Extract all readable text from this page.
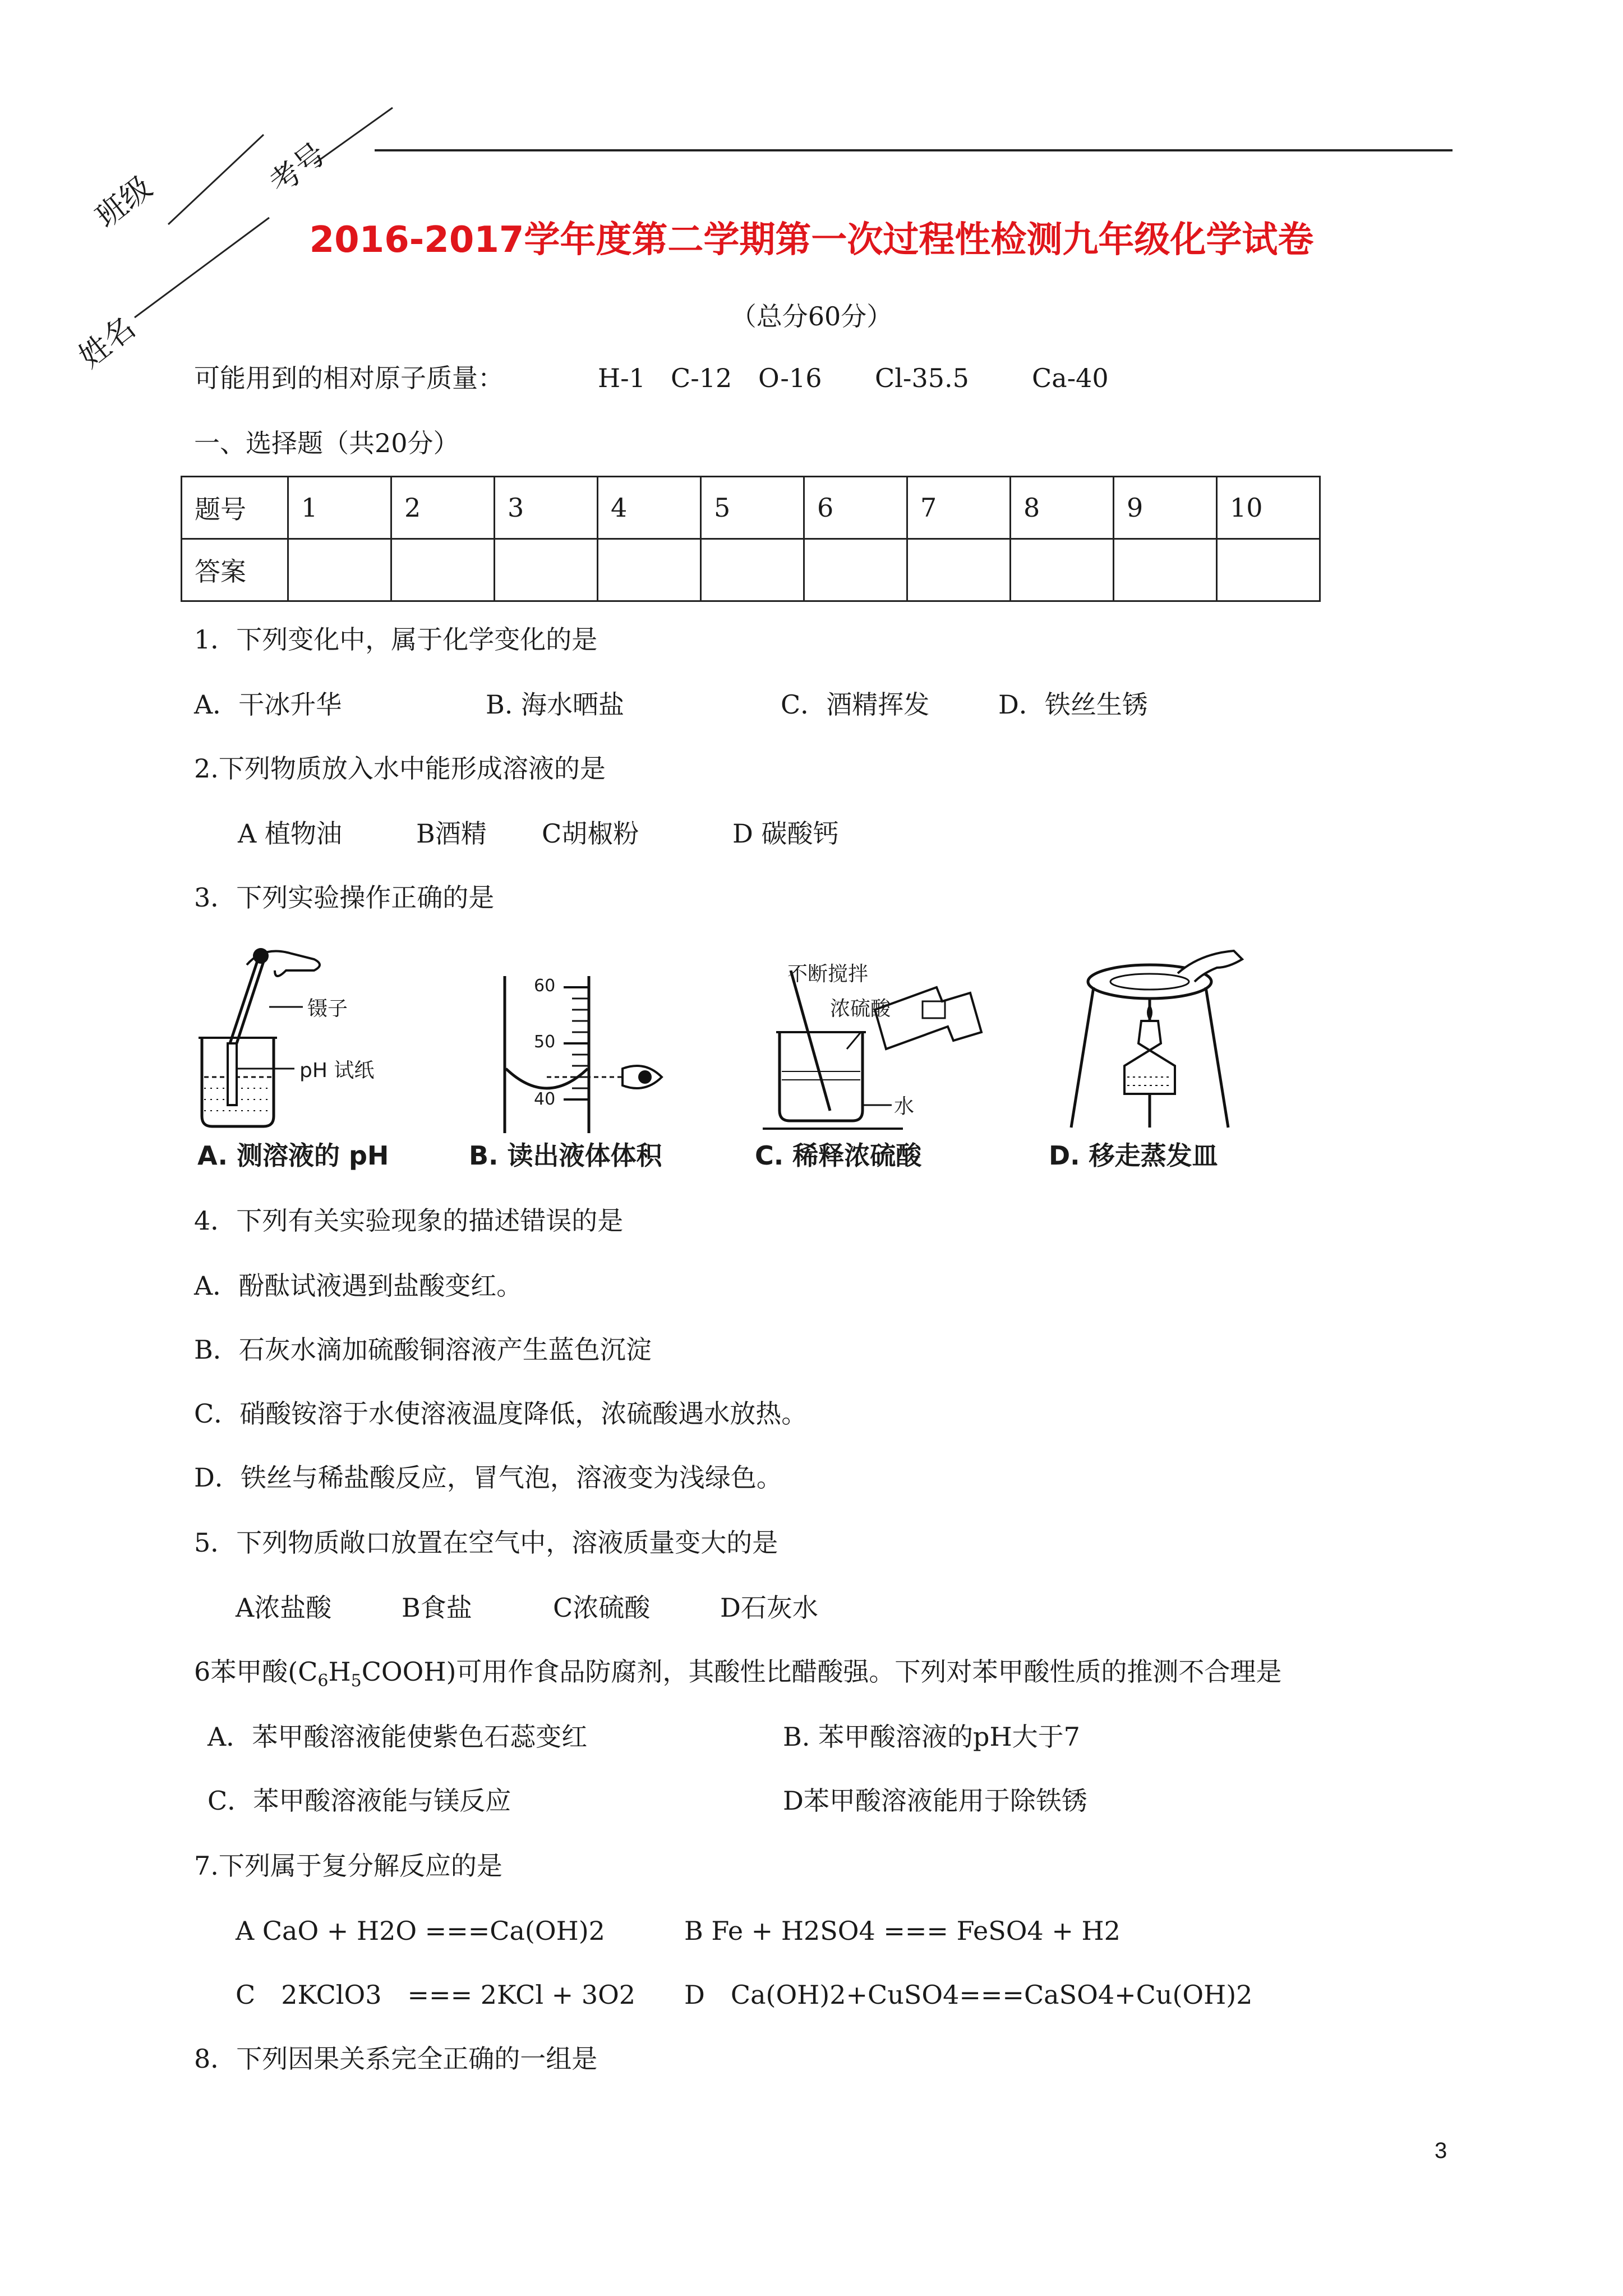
班级
考号
姓名
2016-2017学年度第二学期第一次过程性检测九年级化学试卷
（总分60分）
可能用到的相对原子质量：	H-1 C-12 O-16 Cl-35.5 Ca-40
一、选择题（共20分）
题号	1	2	3	4	5	6	7	8	9	10
答案										
1．下列变化中，属于化学变化的是
A．干冰升华	B. 海水晒盐	C．酒精挥发	D．铁丝生锈
2.下列物质放入水中能形成溶液的是
A 植物油	B酒精 C胡椒粉	D 碳酸钙
3．下列实验操作正确的是
镊子
pH 试纸
A. 测溶液的 pH
60
50
40
B. 读出液体体积
不断搅拌
浓硫酸
水
C. 稀释浓硫酸	D. 移走蒸发皿
4．下列有关实验现象的描述错误的是
A．酚酞试液遇到盐酸变红。
B．石灰水滴加硫酸铜溶液产生蓝色沉淀
C．硝酸铵溶于水使溶液温度降低，浓硫酸遇水放热。
D．铁丝与稀盐酸反应，冒气泡，溶液变为浅绿色。
5．下列物质敞口放置在空气中，溶液质量变大的是
A浓盐酸	B食盐	C浓硫酸	D石灰水
6苯甲酸$(C_6H_5COOH)$可用作食品防腐剂，其酸性比醋酸强。下列对苯甲酸性质的推测不合理是
A．苯甲酸溶液能使紫色石蕊变红	B. 苯甲酸溶液的pH大于7
C．苯甲酸溶液能与镁反应	D苯甲酸溶液能用于除铁锈
7.下列属于复分解反应的是
A CaO + H2O ===Ca(OH)2	B Fe + H2SO4 === FeSO4 + H2
C　2KClO3　=== 2KCl + 3O2 D　Ca(OH)2+CuSO4===CaSO4+Cu(OH)2
8．下列因果关系完全正确的一组是
3
